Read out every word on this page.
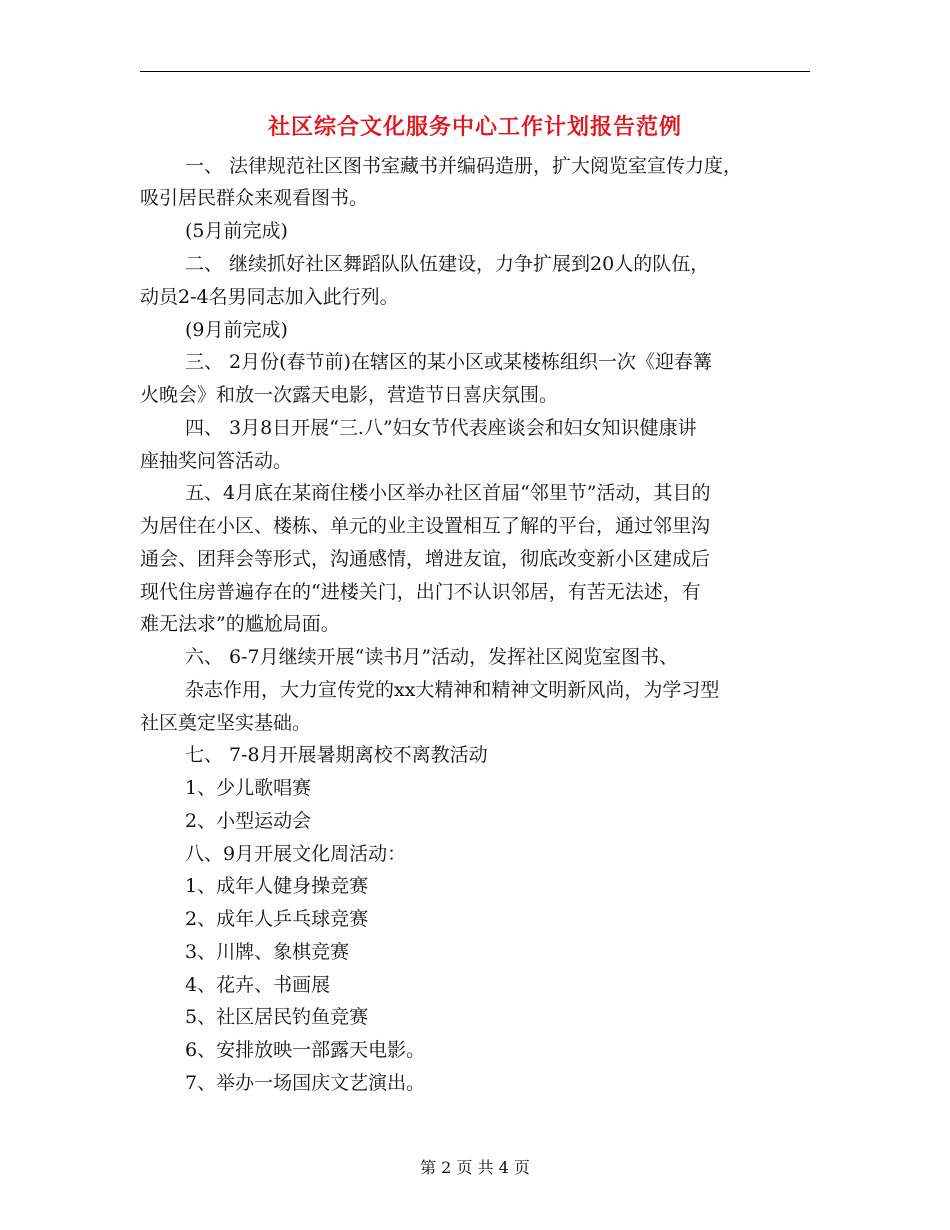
社区综合文化服务中心工作计划报告范例
一、 法律规范社区图书室藏书并编码造册，扩大阅览室宣传力度，
吸引居民群众来观看图书。
(5月前完成)
二、 继续抓好社区舞蹈队队伍建设，力争扩展到20人的队伍，
动员2-4名男同志加入此行列。
(9月前完成)
三、 2月份(春节前)在辖区的某小区或某楼栋组织一次《迎春篝
火晚会》和放一次露天电影，营造节日喜庆氛围。
四、 3月8日开展“三.八”妇女节代表座谈会和妇女知识健康讲
座抽奖问答活动。
五、4月底在某商住楼小区举办社区首届“邻里节”活动，其目的
为居住在小区、楼栋、单元的业主设置相互了解的平台，通过邻里沟
通会、团拜会等形式，沟通感情，增进友谊，彻底改变新小区建成后
现代住房普遍存在的“进楼关门，出门不认识邻居，有苦无法述，有
难无法求”的尴尬局面。
六、 6-7月继续开展“读书月”活动，发挥社区阅览室图书、
杂志作用，大力宣传党的xx大精神和精神文明新风尚，为学习型
社区奠定坚实基础。
七、 7-8月开展暑期离校不离教活动
1、少儿歌唱赛
2、小型运动会
八、9月开展文化周活动：
1、成年人健身操竞赛
2、成年人乒乓球竞赛
3、川牌、象棋竞赛
4、花卉、书画展
5、社区居民钓鱼竞赛
6、安排放映一部露天电影。
7、举办一场国庆文艺演出。
第 2 页 共 4 页
